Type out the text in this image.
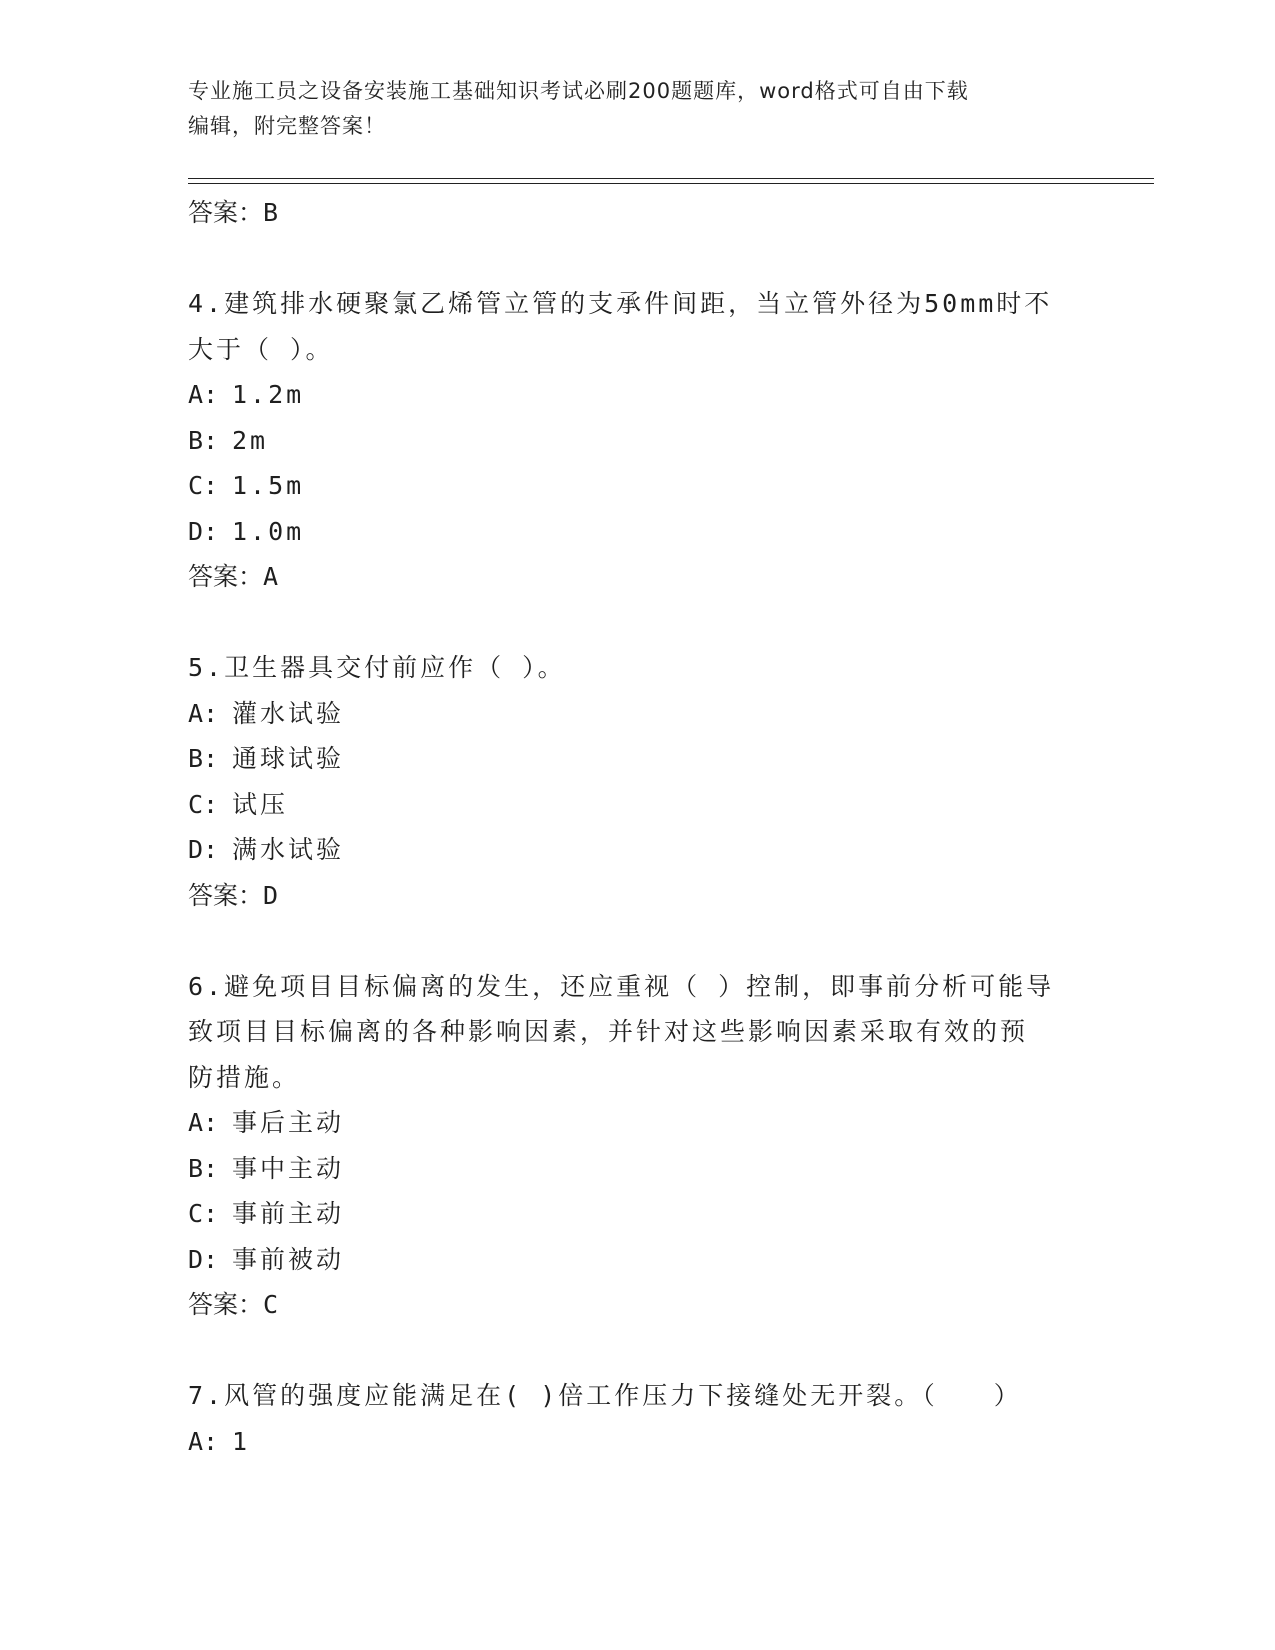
专业施工员之设备安装施工基础知识考试必刷200题题库，word格式可自由下载
编辑，附完整答案！
答案：B
4.建筑排水硬聚氯乙烯管立管的支承件间距，当立管外径为50mm时不
大于（ ）。
A: 1.2m
B: 2m
C: 1.5m
D: 1.0m
答案：A
5.卫生器具交付前应作（ ）。
A: 灌水试验
B: 通球试验
C: 试压
D: 满水试验
答案：D
6.避免项目目标偏离的发生，还应重视（ ）控制，即事前分析可能导
致项目目标偏离的各种影响因素，并针对这些影响因素采取有效的预
防措施。
A: 事后主动
B: 事中主动
C: 事前主动
D: 事前被动
答案：C
7.风管的强度应能满足在( )倍工作压力下接缝处无开裂。（　　）
A: 1
